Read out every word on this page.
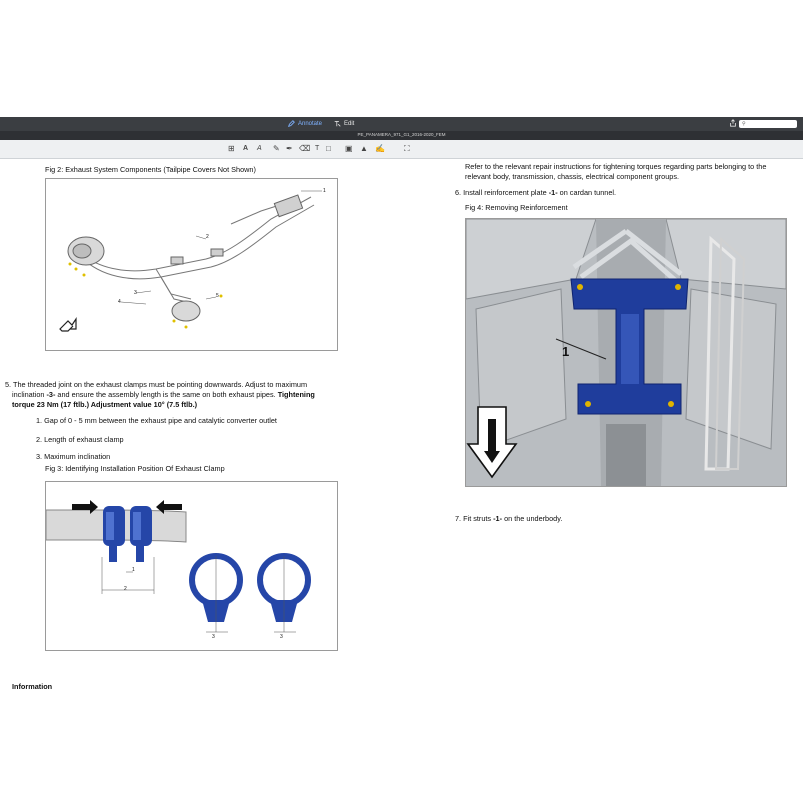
Annotate	Edit	⚲
PE_PANAMERA_971_G1_2016-2020_FEM
⊞ A A ✎ ✒ ⌫ T □ ▣ ▲ ✍ ⛶
Fig 2: Exhaust System Components (Tailpipe Covers Not Shown)
1
2
3
4
5
5. The threaded joint on the exhaust clamps must be pointing downwards. Adjust to maximum
inclination -3- and ensure the assembly length is the same on both exhaust pipes. Tightening
torque 23 Nm (17 ftlb.) Adjustment value 10° (7.5 ftlb.)
1. Gap of 0 - 5 mm between the exhaust pipe and catalytic converter outlet
2. Length of exhaust clamp
3. Maximum inclination
Fig 3: Identifying Installation Position Of Exhaust Clamp
1
2
3	3
Information
Refer to the relevant repair instructions for tightening torques regarding parts belonging to the
relevant body, transmission, chassis, electrical component groups.
6. Install reinforcement plate -1- on cardan tunnel.
Fig 4: Removing Reinforcement
1
7. Fit struts -1- on the underbody.
